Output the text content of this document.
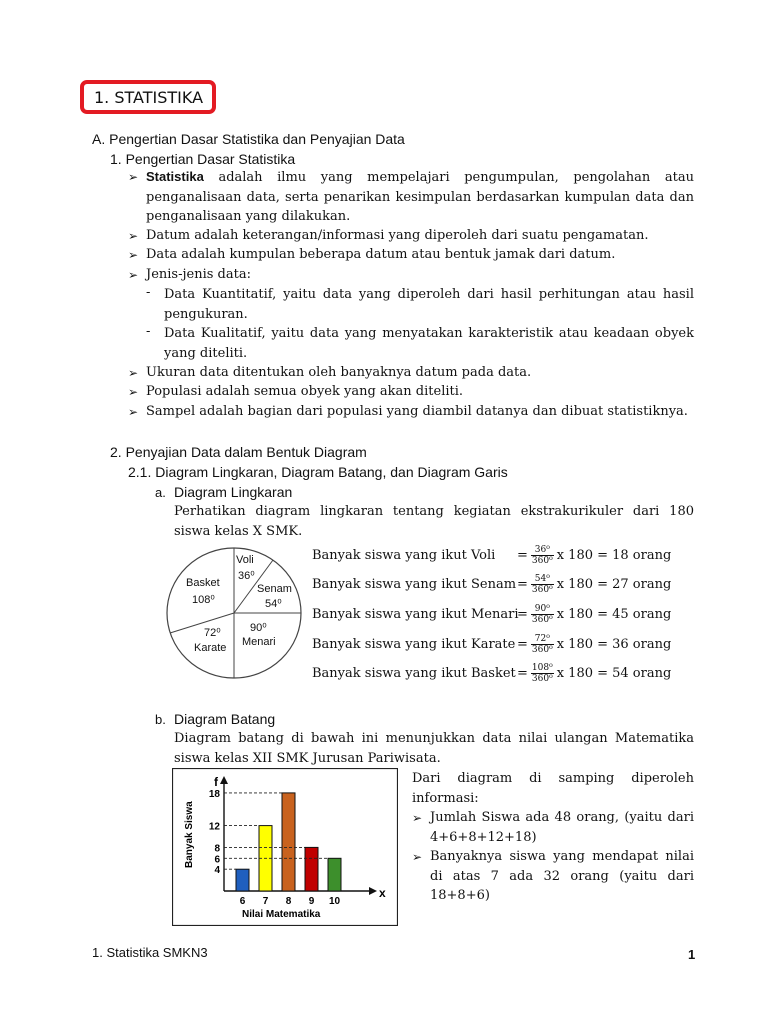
1. STATISTIKA
A. Pengertian Dasar Statistika dan Penyajian Data
1. Pengertian Dasar Statistika
➢ Statistika adalah ilmu yang mempelajari pengumpulan, pengolahan atau penganalisaan data, serta penarikan kesimpulan berdasarkan kumpulan data dan penganalisaan yang dilakukan.
➢ Datum adalah keterangan/informasi yang diperoleh dari suatu pengamatan.
➢ Data adalah kumpulan beberapa datum atau bentuk jamak dari datum.
➢ Jenis-jenis data:
- Data Kuantitatif, yaitu data yang diperoleh dari hasil perhitungan atau hasil pengukuran.
- Data Kualitatif, yaitu data yang menyatakan karakteristik atau keadaan obyek yang diteliti.
➢ Ukuran data ditentukan oleh banyaknya datum pada data.
➢ Populasi adalah semua obyek yang akan diteliti.
➢ Sampel adalah bagian dari populasi yang diambil datanya dan dibuat statistiknya.
2. Penyajian Data dalam Bentuk Diagram
2.1. Diagram Lingkaran, Diagram Batang, dan Diagram Garis
a. Diagram Lingkaran
Perhatikan diagram lingkaran tentang kegiatan ekstrakurikuler dari 180 siswa kelas X SMK.
Voli
36⁰
Senam
54⁰
Basket
108⁰
72⁰
Karate
90⁰
Menari
Banyak siswa yang ikut Voli = $\frac{\text{36⁰}}{\text{360⁰}}$ x 180 = 18 orang
Banyak siswa yang ikut Senam= $\frac{\text{54⁰}}{\text{360⁰}}$ x 180 = 27 orang
Banyak siswa yang ikut Menari= $\frac{\text{90⁰}}{\text{360⁰}}$ x 180 = 45 orang
Banyak siswa yang ikut Karate = $\frac{\text{72⁰}}{\text{360⁰}}$ x 180 = 36 orang
Banyak siswa yang ikut Basket= $\frac{\text{108⁰}}{\text{360⁰}}$ x 180 = 54 orang
b. Diagram Batang
Diagram batang di bawah ini menunjukkan data nilai ulangan Matematika siswa kelas XII SMK Jurusan Pariwisata.
4
6
12
7
18
8
8
9
6
10
f
x
Banyak Siswa
Nilai Matematika
Dari diagram di samping diperoleh informasi:
➢ Jumlah Siswa ada 48 orang, (yaitu dari 4+6+8+12+18)
➢ Banyaknya siswa yang mendapat nilai di atas 7 ada 32 orang (yaitu dari 18+8+6)
1. Statistika SMKN3	1
